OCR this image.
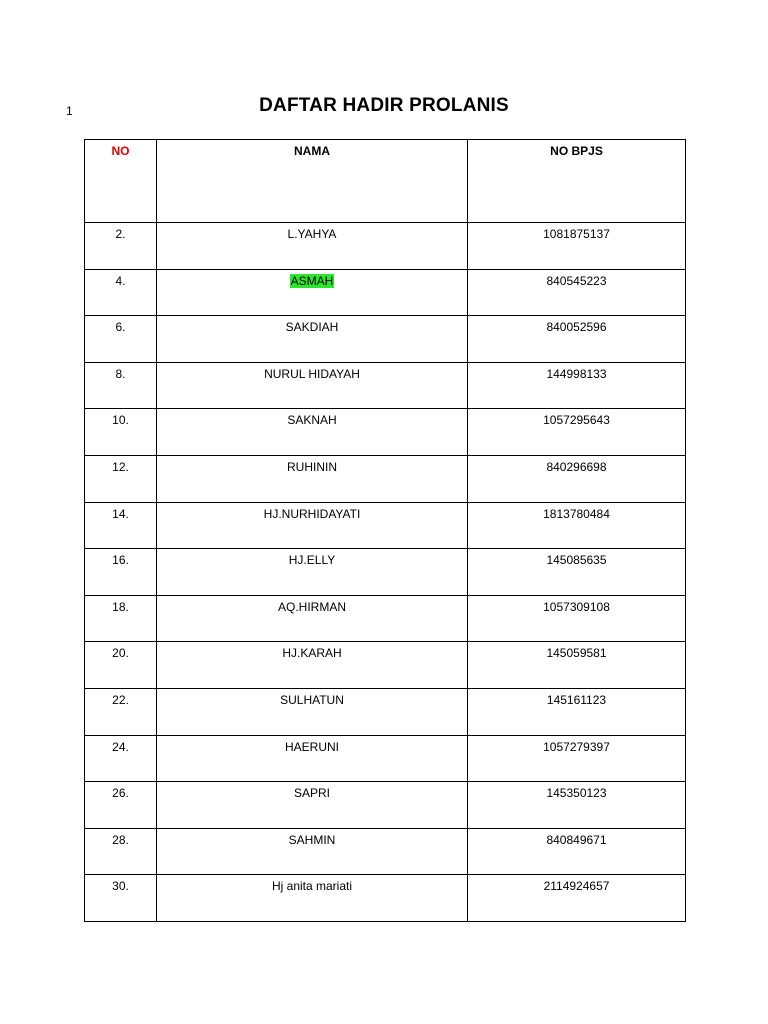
1	DAFTAR HADIR PROLANIS
NO	NAMA	NO BPJS
2.	L.YAHYA	1081875137
4.	ASMAH	840545223
6.	SAKDIAH	840052596
8.	NURUL HIDAYAH	144998133
10.	SAKNAH	1057295643
12.	RUHININ	840296698
14.	HJ.NURHIDAYATI	1813780484
16.	HJ.ELLY	145085635
18.	AQ.HIRMAN	1057309108
20.	HJ.KARAH	145059581
22.	SULHATUN	145161123
24.	HAERUNI	1057279397
26.	SAPRI	145350123
28.	SAHMIN	840849671
30.	Hj anita mariati	2114924657
